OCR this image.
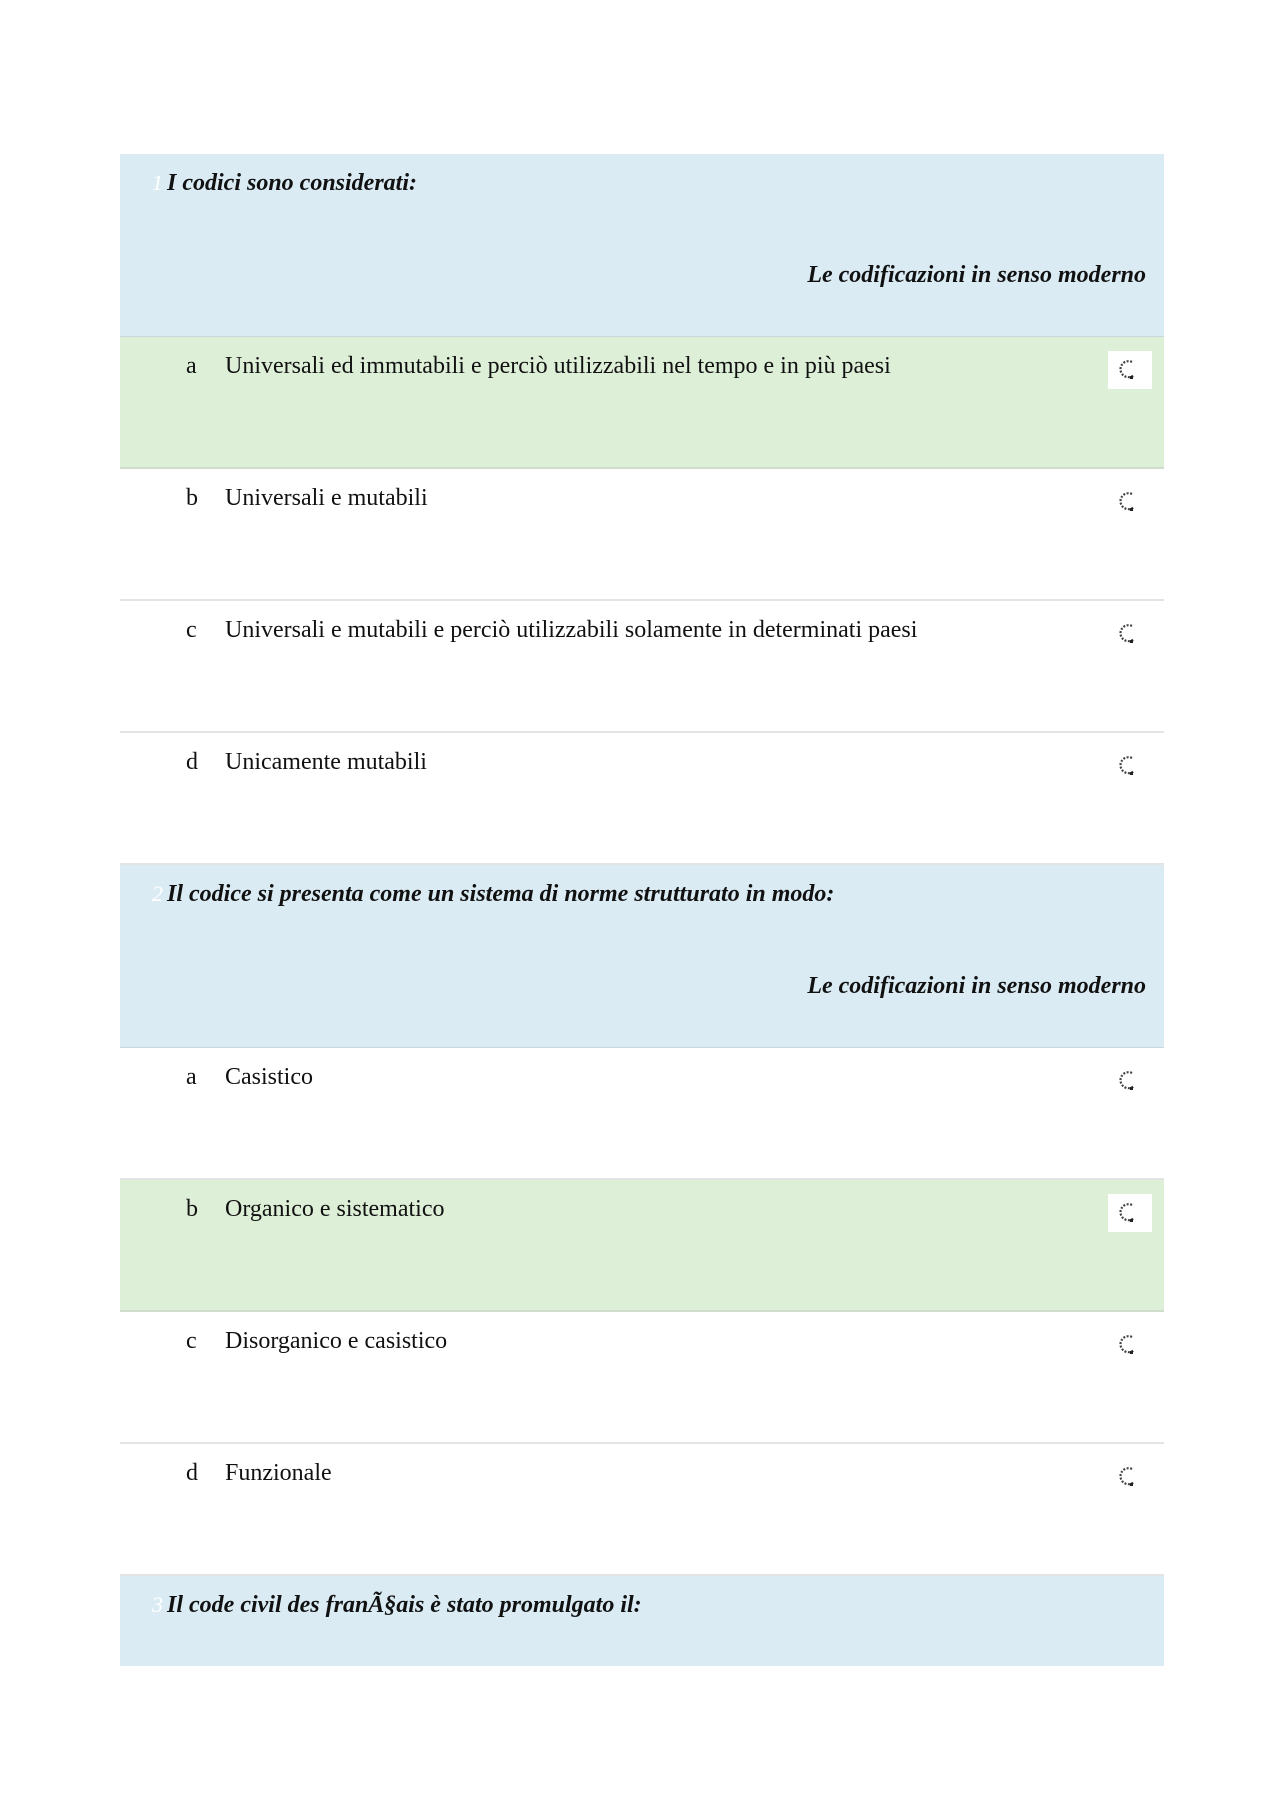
1 I codici sono considerati:
Le codificazioni in senso moderno
a Universali ed immutabili e perciò utilizzabili nel tempo e in più paesi
b Universali e mutabili
c Universali e mutabili e perciò utilizzabili solamente in determinati paesi
d Unicamente mutabili
2 Il codice si presenta come un sistema di norme strutturato in modo:
Le codificazioni in senso moderno
a Casistico
b Organico e sistematico
c Disorganico e casistico
d Funzionale
3 Il code civil des franÃ§ais è stato promulgato il:
